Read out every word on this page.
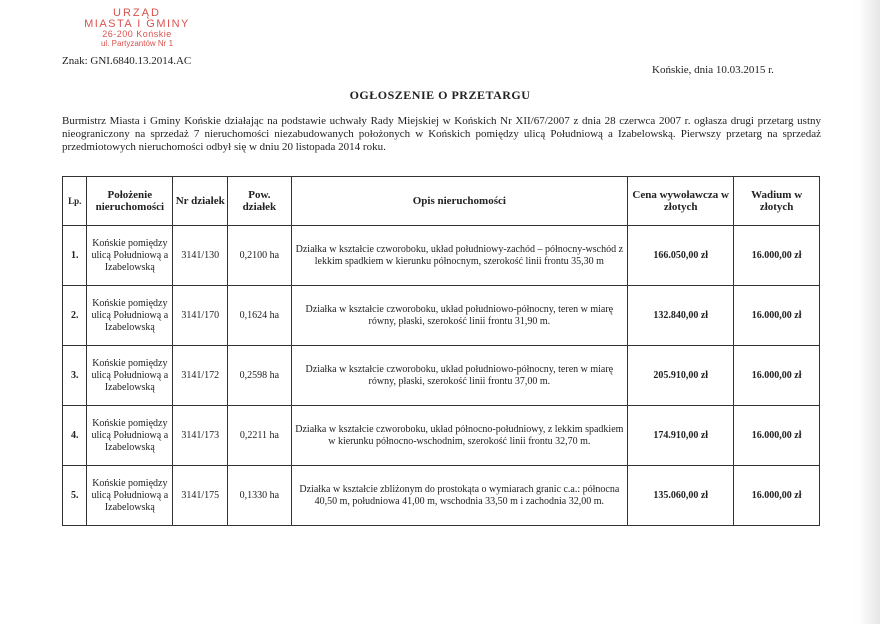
URZĄD
MIASTA I GMINY
26-200 Końskie
ul. Partyzantów Nr 1
Znak: GNI.6840.13.2014.AC
Końskie, dnia 10.03.2015 r.
OGŁOSZENIE O PRZETARGU
Burmistrz Miasta i Gminy Końskie działając na podstawie uchwały Rady Miejskiej w Końskich Nr XII/67/2007 z dnia 28 czerwca 2007 r. ogłasza drugi przetarg ustny nieograniczony na sprzedaż 7 nieruchomości niezabudowanych położonych w Końskich pomiędzy ulicą Południową a Izabelowską. Pierwszy przetarg na sprzedaż przedmiotowych nieruchomości odbył się w dniu 20 listopada 2014 roku.
Lp.	Położenie nieruchomości	Nr działek	Pow. działek	Opis nieruchomości	Cena wywoławcza w złotych	Wadium w złotych
1.	Końskie pomiędzy ulicą Południową a Izabelowską	3141/130	0,2100 ha	Działka w kształcie czworoboku, układ południowy-zachód – północny-wschód z lekkim spadkiem w kierunku północnym, szerokość linii frontu 35,30 m	166.050,00 zł	16.000,00 zł
2.	Końskie pomiędzy ulicą Południową a Izabelowską	3141/170	0,1624 ha	Działka w kształcie czworoboku, układ południowo-północny, teren w miarę równy, płaski, szerokość linii frontu 31,90 m.	132.840,00 zł	16.000,00 zł
3.	Końskie pomiędzy ulicą Południową a Izabelowską	3141/172	0,2598 ha	Działka w kształcie czworoboku, układ południowo-północny, teren w miarę równy, płaski, szerokość linii frontu 37,00 m.	205.910,00 zł	16.000,00 zł
4.	Końskie pomiędzy ulicą Południową a Izabelowską	3141/173	0,2211 ha	Działka w kształcie czworoboku, układ północno-południowy, z lekkim spadkiem w kierunku północno-wschodnim, szerokość linii frontu 32,70 m.	174.910,00 zł	16.000,00 zł
5.	Końskie pomiędzy ulicą Południową a Izabelowską	3141/175	0,1330 ha	Działka w kształcie zbliżonym do prostokąta o wymiarach granic c.a.: północna 40,50 m, południowa 41,00 m, wschodnia 33,50 m i zachodnia 32,00 m.	135.060,00 zł	16.000,00 zł
